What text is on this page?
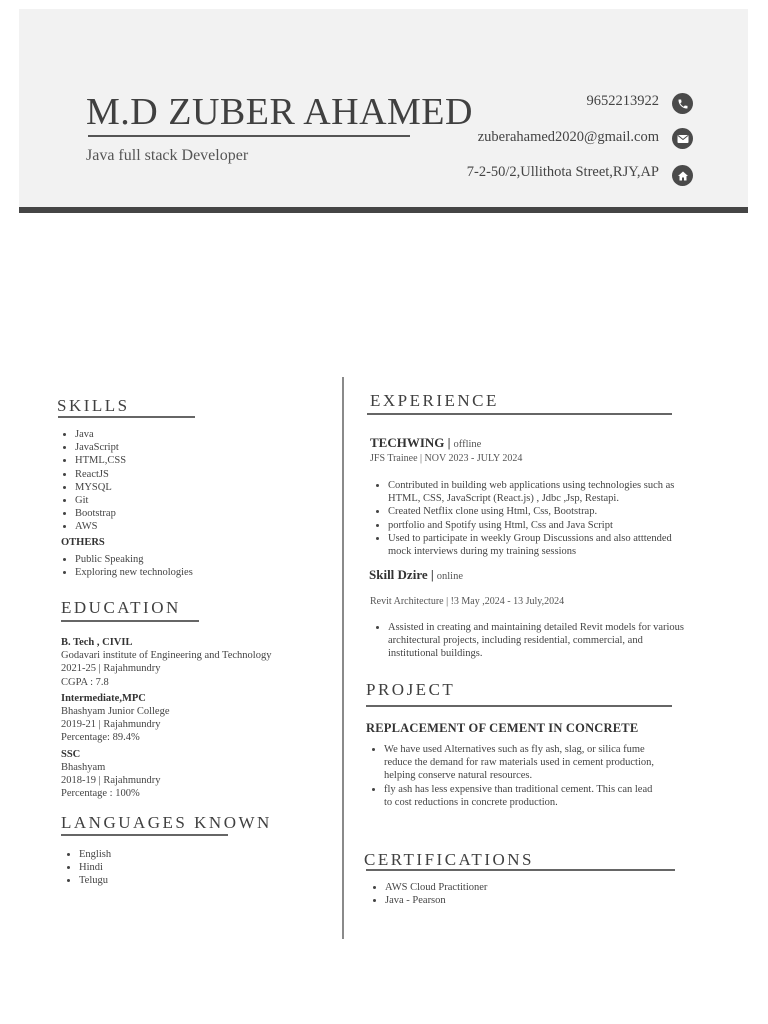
M.D ZUBER AHAMED
Java full stack Developer
9652213922
zuberahamed2020@gmail.com
7-2-50/2,Ullithota Street,RJY,AP
SKILLS
• Java
• JavaScript
• HTML,CSS
• ReactJS
• MYSQL
• Git
• Bootstrap
• AWS
OTHERS
• Public Speaking
• Exploring new technologies
EDUCATION
B. Tech , CIVIL
Godavari institute of Engineering and Technology
2021-25 | Rajahmundry
CGPA : 7.8
Intermediate,MPC
Bhashyam Junior College
2019-21 | Rajahmundry
Percentage: 89.4%
SSC
Bhashyam
2018-19 | Rajahmundry
Percentage : 100%
LANGUAGES KNOWN
• English
• Hindi
• Telugu
EXPERIENCE
TECHWING | offline
JFS Trainee | NOV 2023 - JULY 2024
• Contributed in building web applications using technologies such as HTML, CSS, JavaScript (React.js) , Jdbc ,Jsp, Restapi.
• Created Netflix clone using Html, Css, Bootstrap.
• portfolio and Spotify using Html, Css and Java Script
• Used to participate in weekly Group Discussions and also atttended mock interviews during my training sessions
Skill Dzire | online
Revit Architecture | !3 May ,2024 - 13 July,2024
• Assisted in creating and maintaining detailed Revit models for various architectural projects, including residential, commercial, and institutional buildings.
PROJECT
REPLACEMENT OF CEMENT IN CONCRETE
• We have used Alternatives such as fly ash, slag, or silica fume reduce the demand for raw materials used in cement production, helping conserve natural resources.
• fly ash has less expensive than traditional cement. This can lead to cost reductions in concrete production.
CERTIFICATIONS
• AWS Cloud Practitioner
• Java - Pearson
